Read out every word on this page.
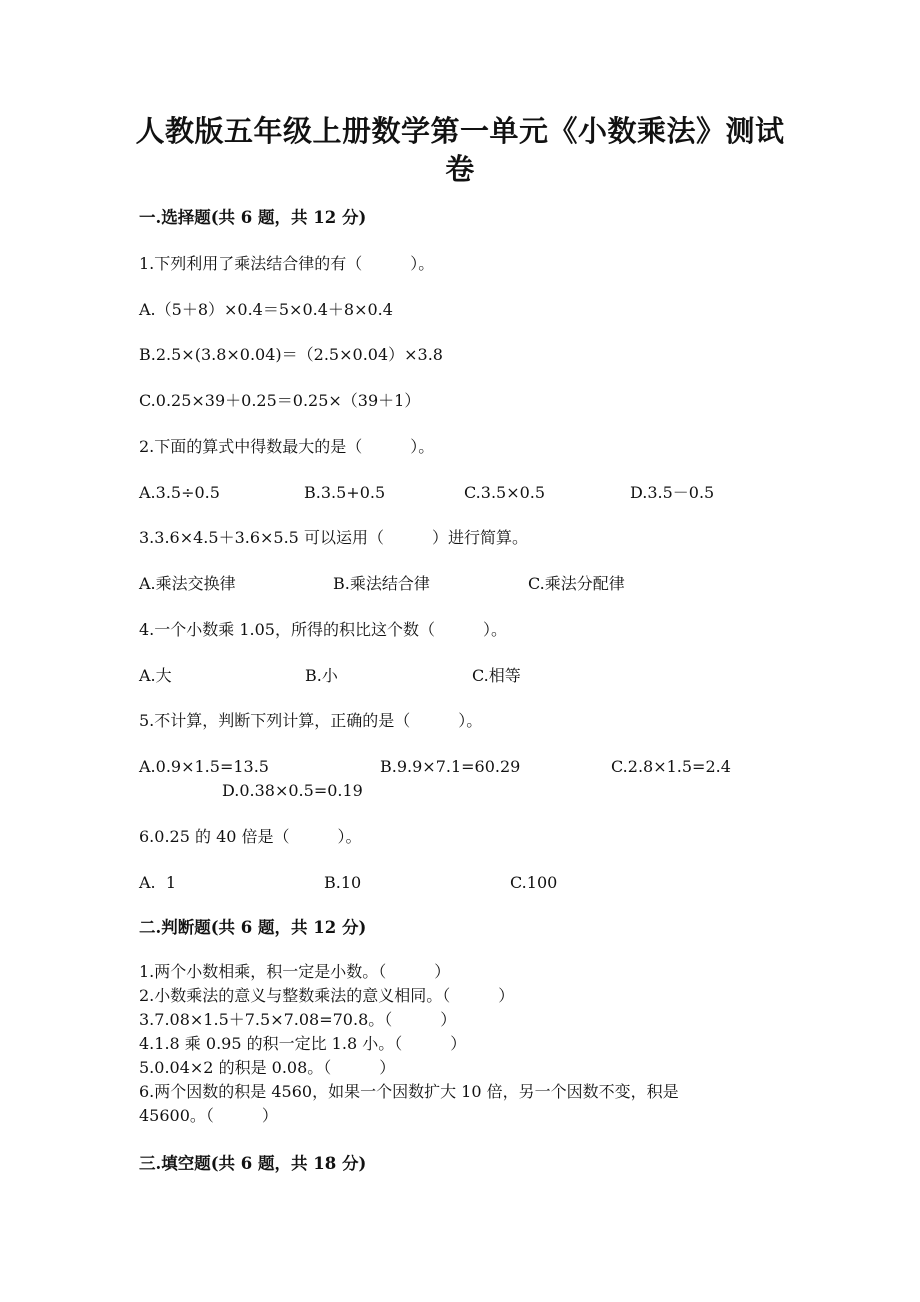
人教版五年级上册数学第一单元《小数乘法》测试
卷
一.选择题(共 6 题，共 12 分)
1.下列利用了乘法结合律的有（　　　）。
A.（5＋8）×0.4＝5×0.4＋8×0.4
B.2.5×(3.8×0.04)＝（2.5×0.04）×3.8
C.0.25×39＋0.25＝0.25×（39＋1）
2.下面的算式中得数最大的是（　　　）。
A.3.5÷0.5	B.3.5+0.5	C.3.5×0.5	D.3.5－0.5
3.3.6×4.5＋3.6×5.5 可以运用（　　　）进行简算。
A.乘法交换律	B.乘法结合律	C.乘法分配律
4.一个小数乘 1.05，所得的积比这个数（　　　）。
A.大	B.小	C.相等
5.不计算，判断下列计算，正确的是（　　　）。
A.0.9×1.5=13.5	B.9.9×7.1=60.29	C.2.8×1.5=2.4
D.0.38×0.5=0.19
6.0.25 的 40 倍是（　　　）。
A.  1	B.10	C.100
二.判断题(共 6 题，共 12 分)
1.两个小数相乘，积一定是小数。（　　　）
2.小数乘法的意义与整数乘法的意义相同。（　　　）
3.7.08×1.5＋7.5×7.08=70.8。（　　　）
4.1.8 乘 0.95 的积一定比 1.8 小。（　　　）
5.0.04×2 的积是 0.08。（　　　）
6.两个因数的积是 4560，如果一个因数扩大 10 倍，另一个因数不变，积是
45600。（　　　）
三.填空题(共 6 题，共 18 分)
